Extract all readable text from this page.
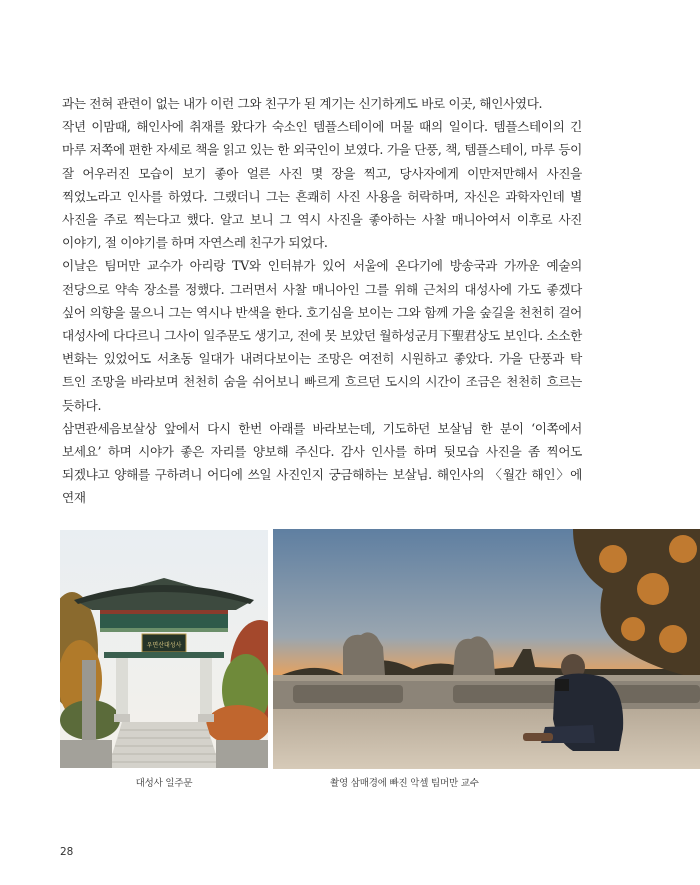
과는 전혀 관련이 없는 내가 이런 그와 친구가 된 계기는 신기하게도 바로 이곳, 해인사였다.

작년 이맘때, 해인사에 취재를 왔다가 숙소인 템플스테이에 머물 때의 일이다. 템플스테이의 긴 마루 저쪽에 편한 자세로 책을 읽고 있는 한 외국인이 보였다. 가을 단풍, 책, 템플스테이, 마루 등이 잘 어우러진 모습이 보기 좋아 얼른 사진 몇 장을 찍고, 당사자에게 이만저만해서 사진을 찍었노라고 인사를 하였다. 그랬더니 그는 흔쾌히 사진 사용을 허락하며, 자신은 과학자인데 별 사진을 주로 찍는다고 했다. 알고 보니 그 역시 사진을 좋아하는 사찰 매니아여서 이후로 사진 이야기, 절 이야기를 하며 자연스레 친구가 되었다.

이날은 팀머만 교수가 아리랑 TV와 인터뷰가 있어 서울에 온다기에 방송국과 가까운 예술의 전당으로 약속 장소를 정했다. 그러면서 사찰 매니아인 그를 위해 근처의 대성사에 가도 좋겠다 싶어 의향을 물으니 그는 역시나 반색을 한다. 호기심을 보이는 그와 함께 가을 숲길을 천천히 걸어 대성사에 다다르니 그사이 일주문도 생기고, 전에 못 보았던 월하성군月下聖君상도 보인다. 소소한 변화는 있었어도 서초동 일대가 내려다보이는 조망은 여전히 시원하고 좋았다. 가을 단풍과 탁 트인 조망을 바라보며 천천히 숨을 쉬어보니 빠르게 흐르던 도시의 시간이 조금은 천천히 흐르는 듯하다.

삼면관세음보살상 앞에서 다시 한번 아래를 바라보는데, 기도하던 보살님 한 분이 ‘이쪽에서 보세요’ 하며 시야가 좋은 자리를 양보해 주신다. 감사 인사를 하며 뒷모습 사진을 좀 찍어도 되겠냐고 양해를 구하려니 어디에 쓰일 사진인지 궁금해하는 보살님. 해인사의 〈월간 해인〉에 연재

우면산대성사
대성사 일주문	촬영 삼매경에 빠진 악셀 팀머만 교수
28
